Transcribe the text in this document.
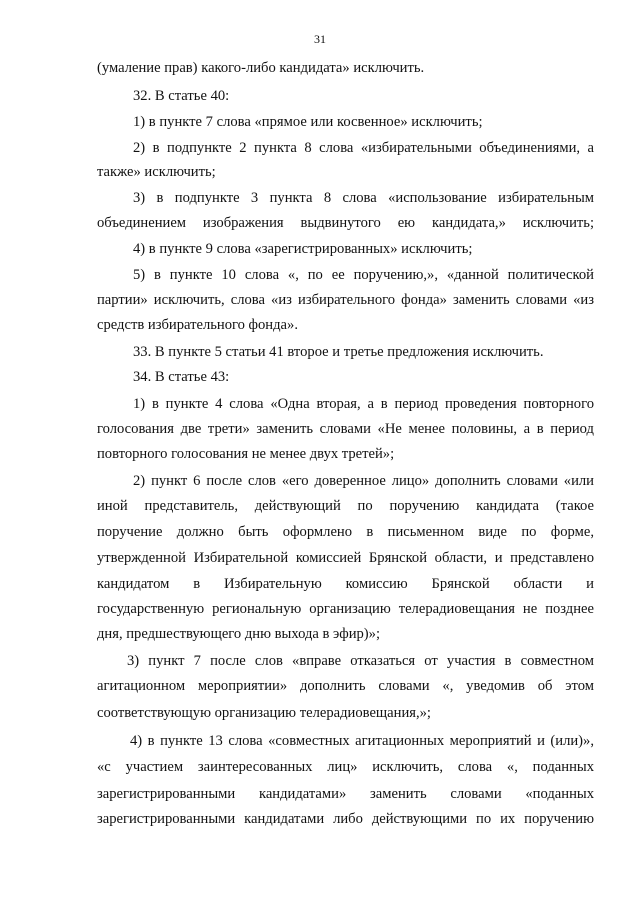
31

(умаление прав) какого-либо кандидата» исключить.

32. В статье 40:

1) в пункте 7 слова «прямое или косвенное» исключить;

2) в подпункте 2 пункта 8 слова «избирательными объединениями, а

также» исключить;

3) в подпункте 3 пункта 8 слова «использование избирательным

объединением изображения выдвинутого ею кандидата,» исключить;

4) в пункте 9 слова «зарегистрированных» исключить;

5) в пункте 10 слова «, по ее поручению,», «данной политической

партии» исключить, слова «из избирательного фонда» заменить словами «из

средств избирательного фонда».

33. В пункте 5 статьи 41 второе и третье предложения исключить.

34. В статье 43:

1) в пункте 4 слова «Одна вторая, а в период проведения повторного

голосования две трети» заменить словами «Не менее половины, а в период

повторного голосования не менее двух третей»;

2) пункт 6 после слов «его доверенное лицо» дополнить словами «или

иной представитель, действующий по поручению кандидата (такое

поручение должно быть оформлено в письменном виде по форме,

утвержденной Избирательной комиссией Брянской области, и представлено

кандидатом в Избирательную комиссию Брянской области и

государственную региональную организацию телерадиовещания не позднее

дня, предшествующего дню выхода в эфир)»;

3) пункт 7 после слов «вправе отказаться от участия в совместном

агитационном мероприятии» дополнить словами «, уведомив об этом

соответствующую организацию телерадиовещания,»;

4) в пункте 13 слова «совместных агитационных мероприятий и (или)»,

«с участием заинтересованных лиц» исключить, слова «, поданных

зарегистрированными кандидатами» заменить словами «поданных

зарегистрированными кандидатами либо действующими по их поручению
